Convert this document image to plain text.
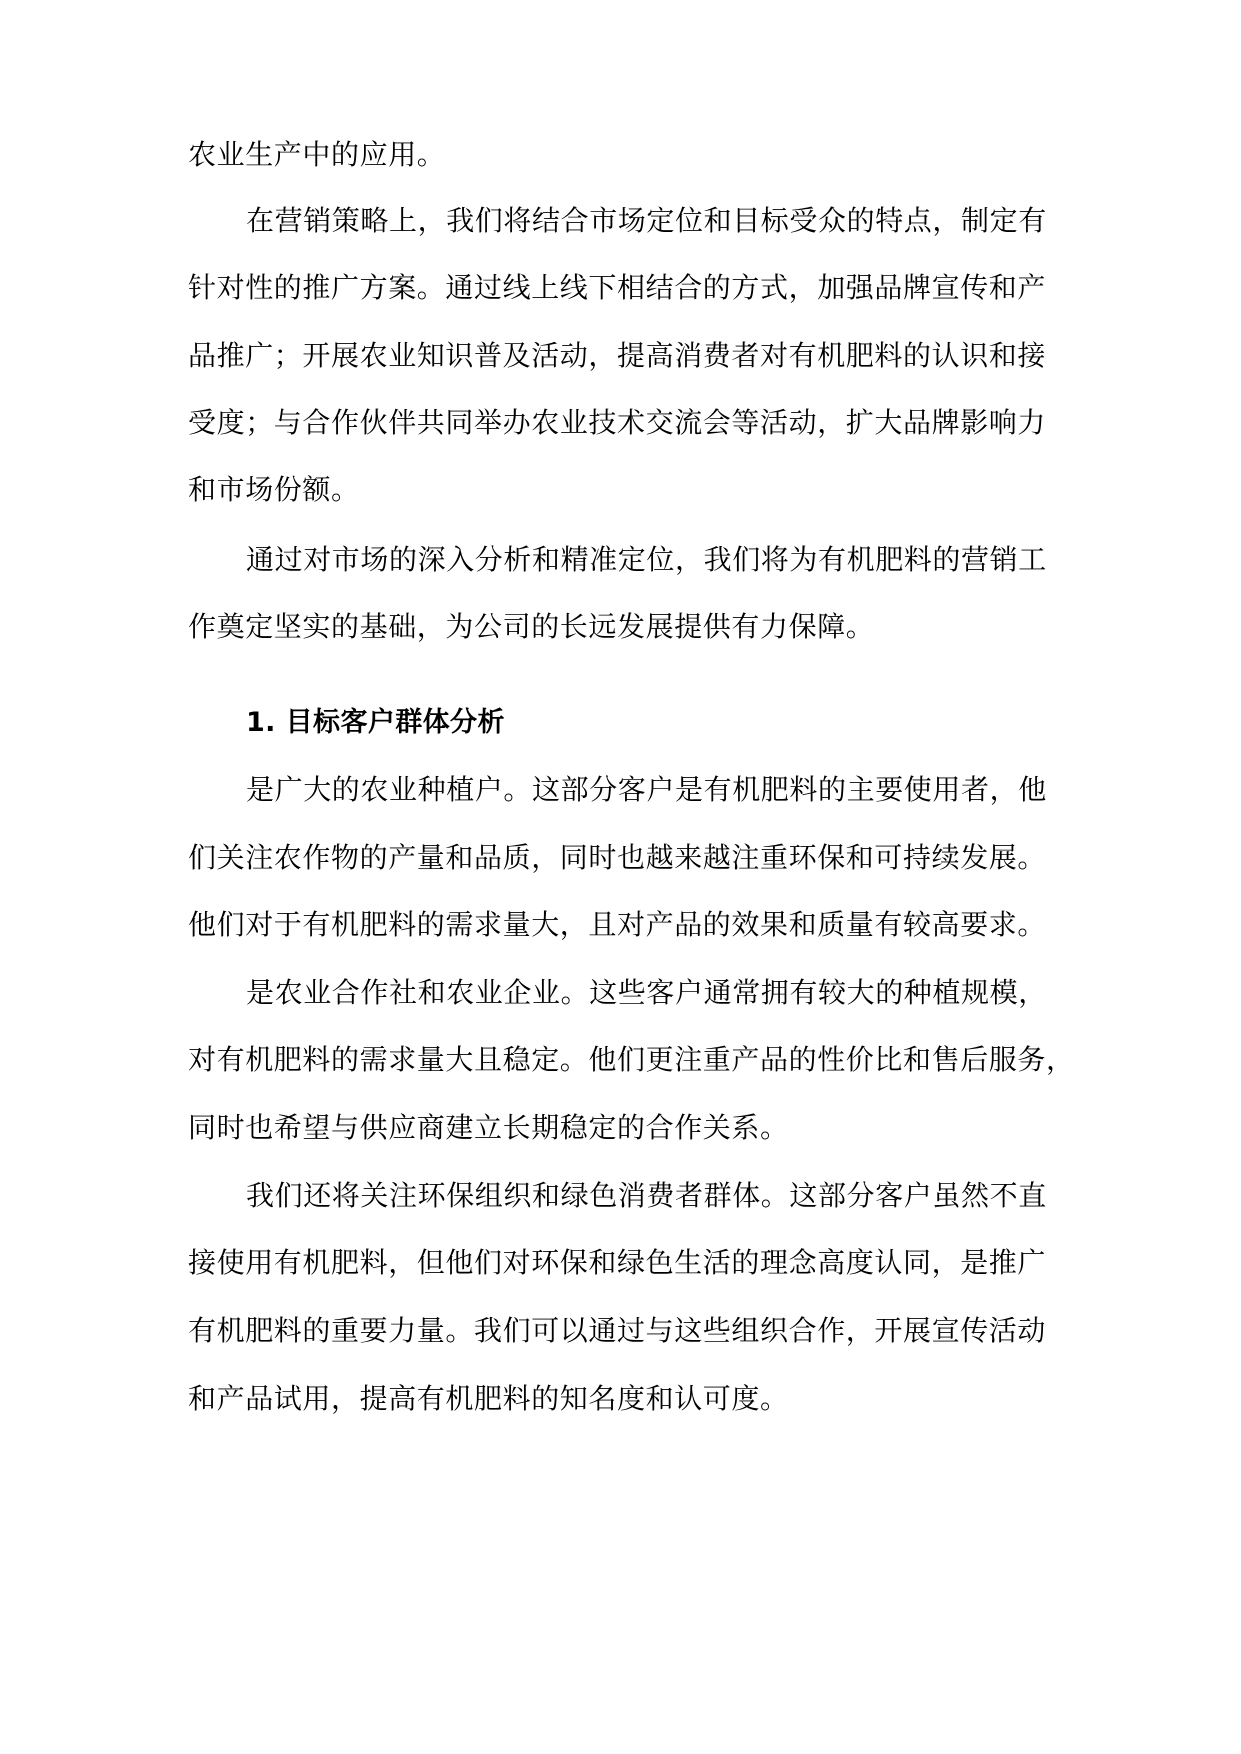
农业生产中的应用。
在营销策略上，我们将结合市场定位和目标受众的特点，制定有
针对性的推广方案。通过线上线下相结合的方式，加强品牌宣传和产
品推广；开展农业知识普及活动，提高消费者对有机肥料的认识和接
受度；与合作伙伴共同举办农业技术交流会等活动，扩大品牌影响力
和市场份额。
通过对市场的深入分析和精准定位，我们将为有机肥料的营销工
作奠定坚实的基础，为公司的长远发展提供有力保障。
1. 目标客户群体分析
是广大的农业种植户。这部分客户是有机肥料的主要使用者，他
们关注农作物的产量和品质，同时也越来越注重环保和可持续发展。
他们对于有机肥料的需求量大，且对产品的效果和质量有较高要求。
是农业合作社和农业企业。这些客户通常拥有较大的种植规模，
对有机肥料的需求量大且稳定。他们更注重产品的性价比和售后服务，
同时也希望与供应商建立长期稳定的合作关系。
我们还将关注环保组织和绿色消费者群体。这部分客户虽然不直
接使用有机肥料，但他们对环保和绿色生活的理念高度认同，是推广
有机肥料的重要力量。我们可以通过与这些组织合作，开展宣传活动
和产品试用，提高有机肥料的知名度和认可度。
